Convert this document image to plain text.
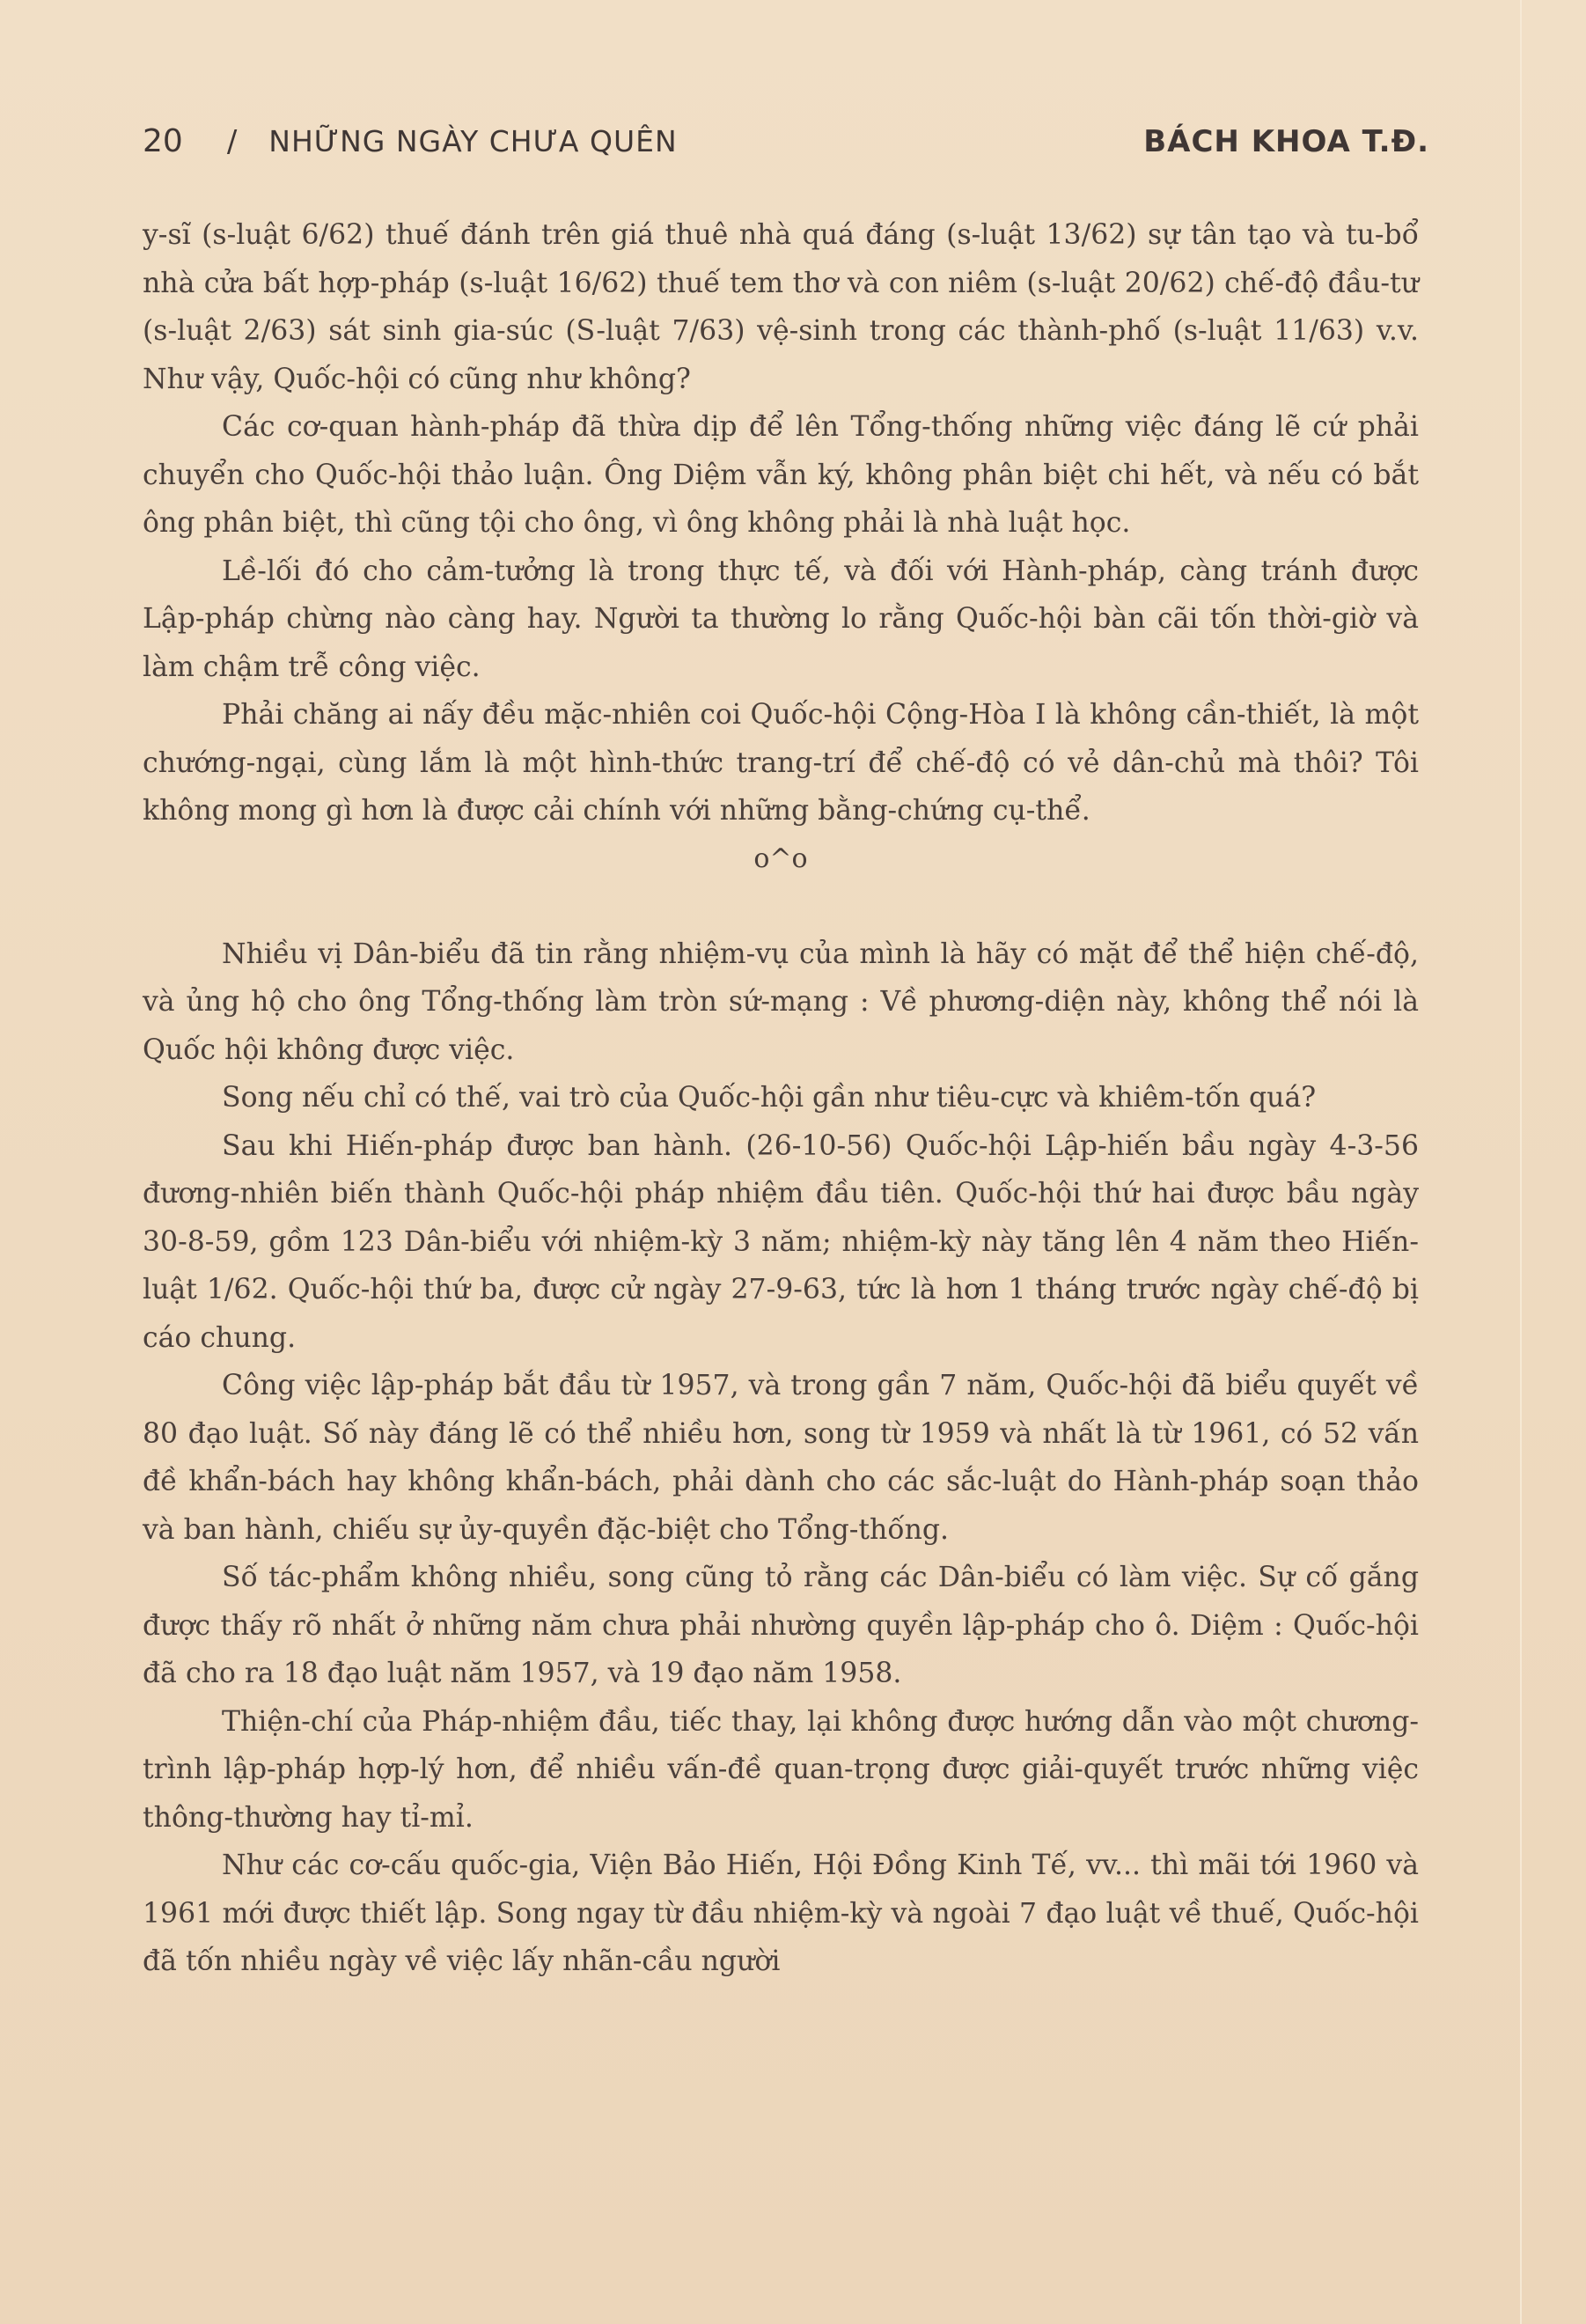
20 / NHỮNG NGÀY CHƯA QUÊN	BÁCH KHOA T.Đ.

y-sĩ (s-luật 6/62) thuế đánh trên giá thuê nhà quá đáng (s-luật 13/62) sự tân tạo và tu-bổ nhà cửa bất hợp-pháp (s-luật 16/62) thuế tem thơ và con niêm (s-luật 20/62) chế-độ đầu-tư (s-luật 2/63) sát sinh gia-súc (S-luật 7/63) vệ-sinh trong các thành-phố (s-luật 11/63) v.v. Như vậy, Quốc-hội có cũng như không?

Các cơ-quan hành-pháp đã thừa dịp để lên Tổng-thống những việc đáng lẽ cứ phải chuyển cho Quốc-hội thảo luận. Ông Diệm vẫn ký, không phân biệt chi hết, và nếu có bắt ông phân biệt, thì cũng tội cho ông, vì ông không phải là nhà luật học.

Lề-lối đó cho cảm-tưởng là trong thực tế, và đối với Hành-pháp, càng tránh được Lập-pháp chừng nào càng hay. Người ta thường lo rằng Quốc-hội bàn cãi tốn thời-giờ và làm chậm trễ công việc.

Phải chăng ai nấy đều mặc-nhiên coi Quốc-hội Cộng-Hòa I là không cần-thiết, là một chướng-ngại, cùng lắm là một hình-thức trang-trí để chế-độ có vẻ dân-chủ mà thôi? Tôi không mong gì hơn là được cải chính với những bằng-chứng cụ-thể.

o^o

Nhiều vị Dân-biểu đã tin rằng nhiệm-vụ của mình là hãy có mặt để thể hiện chế-độ, và ủng hộ cho ông Tổng-thống làm tròn sứ-mạng : Về phương-diện này, không thể nói là Quốc hội không được việc.

Song nếu chỉ có thế, vai trò của Quốc-hội gần như tiêu-cực và khiêm-tốn quá?

Sau khi Hiến-pháp được ban hành. (26-10-56) Quốc-hội Lập-hiến bầu ngày 4-3-56 đương-nhiên biến thành Quốc-hội pháp nhiệm đầu tiên. Quốc-hội thứ hai được bầu ngày 30-8-59, gồm 123 Dân-biểu với nhiệm-kỳ 3 năm; nhiệm-kỳ này tăng lên 4 năm theo Hiến-luật 1/62. Quốc-hội thứ ba, được cử ngày 27-9-63, tức là hơn 1 tháng trước ngày chế-độ bị cáo chung.

Công việc lập-pháp bắt đầu từ 1957, và trong gần 7 năm, Quốc-hội đã biểu quyết về 80 đạo luật. Số này đáng lẽ có thể nhiều hơn, song từ 1959 và nhất là từ 1961, có 52 vấn đề khẩn-bách hay không khẩn-bách, phải dành cho các sắc-luật do Hành-pháp soạn thảo và ban hành, chiếu sự ủy-quyền đặc-biệt cho Tổng-thống.

Số tác-phẩm không nhiều, song cũng tỏ rằng các Dân-biểu có làm việc. Sự cố gắng được thấy rõ nhất ở những năm chưa phải nhường quyền lập-pháp cho ô. Diệm : Quốc-hội đã cho ra 18 đạo luật năm 1957, và 19 đạo năm 1958.

Thiện-chí của Pháp-nhiệm đầu, tiếc thay, lại không được hướng dẫn vào một chương-trình lập-pháp hợp-lý hơn, để nhiều vấn-đề quan-trọng được giải-quyết trước những việc thông-thường hay tỉ-mỉ.

Như các cơ-cấu quốc-gia, Viện Bảo Hiến, Hội Đồng Kinh Tế, vv... thì mãi tới 1960 và 1961 mới được thiết lập. Song ngay từ đầu nhiệm-kỳ và ngoài 7 đạo luật về thuế, Quốc-hội đã tốn nhiều ngày về việc lấy nhãn-cầu người
